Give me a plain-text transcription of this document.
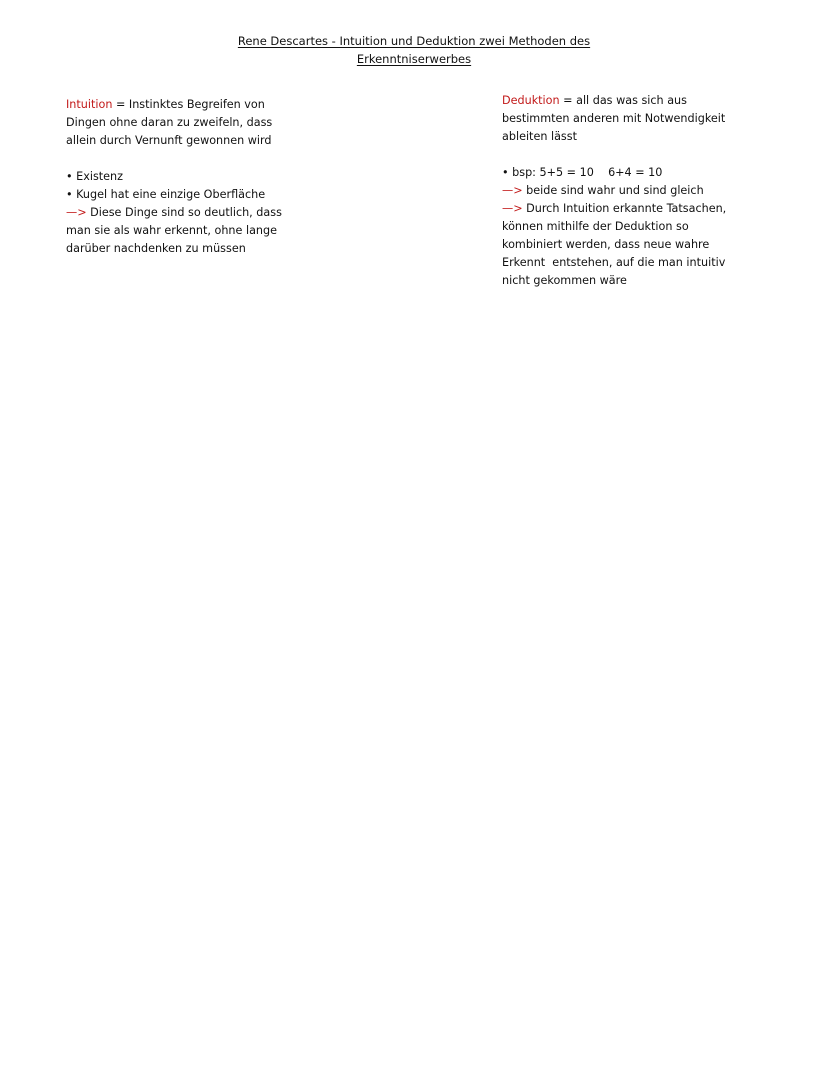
Rene Descartes - Intuition und Deduktion zwei Methoden des
Erkenntniserwerbes
Intuition = Instinktes Begreifen von
Dingen ohne daran zu zweifeln, dass
allein durch Vernunft gewonnen wird
• Existenz
• Kugel hat eine einzige Oberfläche
—> Diese Dinge sind so deutlich, dass
man sie als wahr erkennt, ohne lange
darüber nachdenken zu müssen
Deduktion = all das was sich aus
bestimmten anderen mit Notwendigkeit
ableiten lässt
• bsp: 5+5 = 10    6+4 = 10
—> beide sind wahr und sind gleich
—> Durch Intuition erkannte Tatsachen,
können mithilfe der Deduktion so
kombiniert werden, dass neue wahre
Erkennt  entstehen, auf die man intuitiv
nicht gekommen wäre
